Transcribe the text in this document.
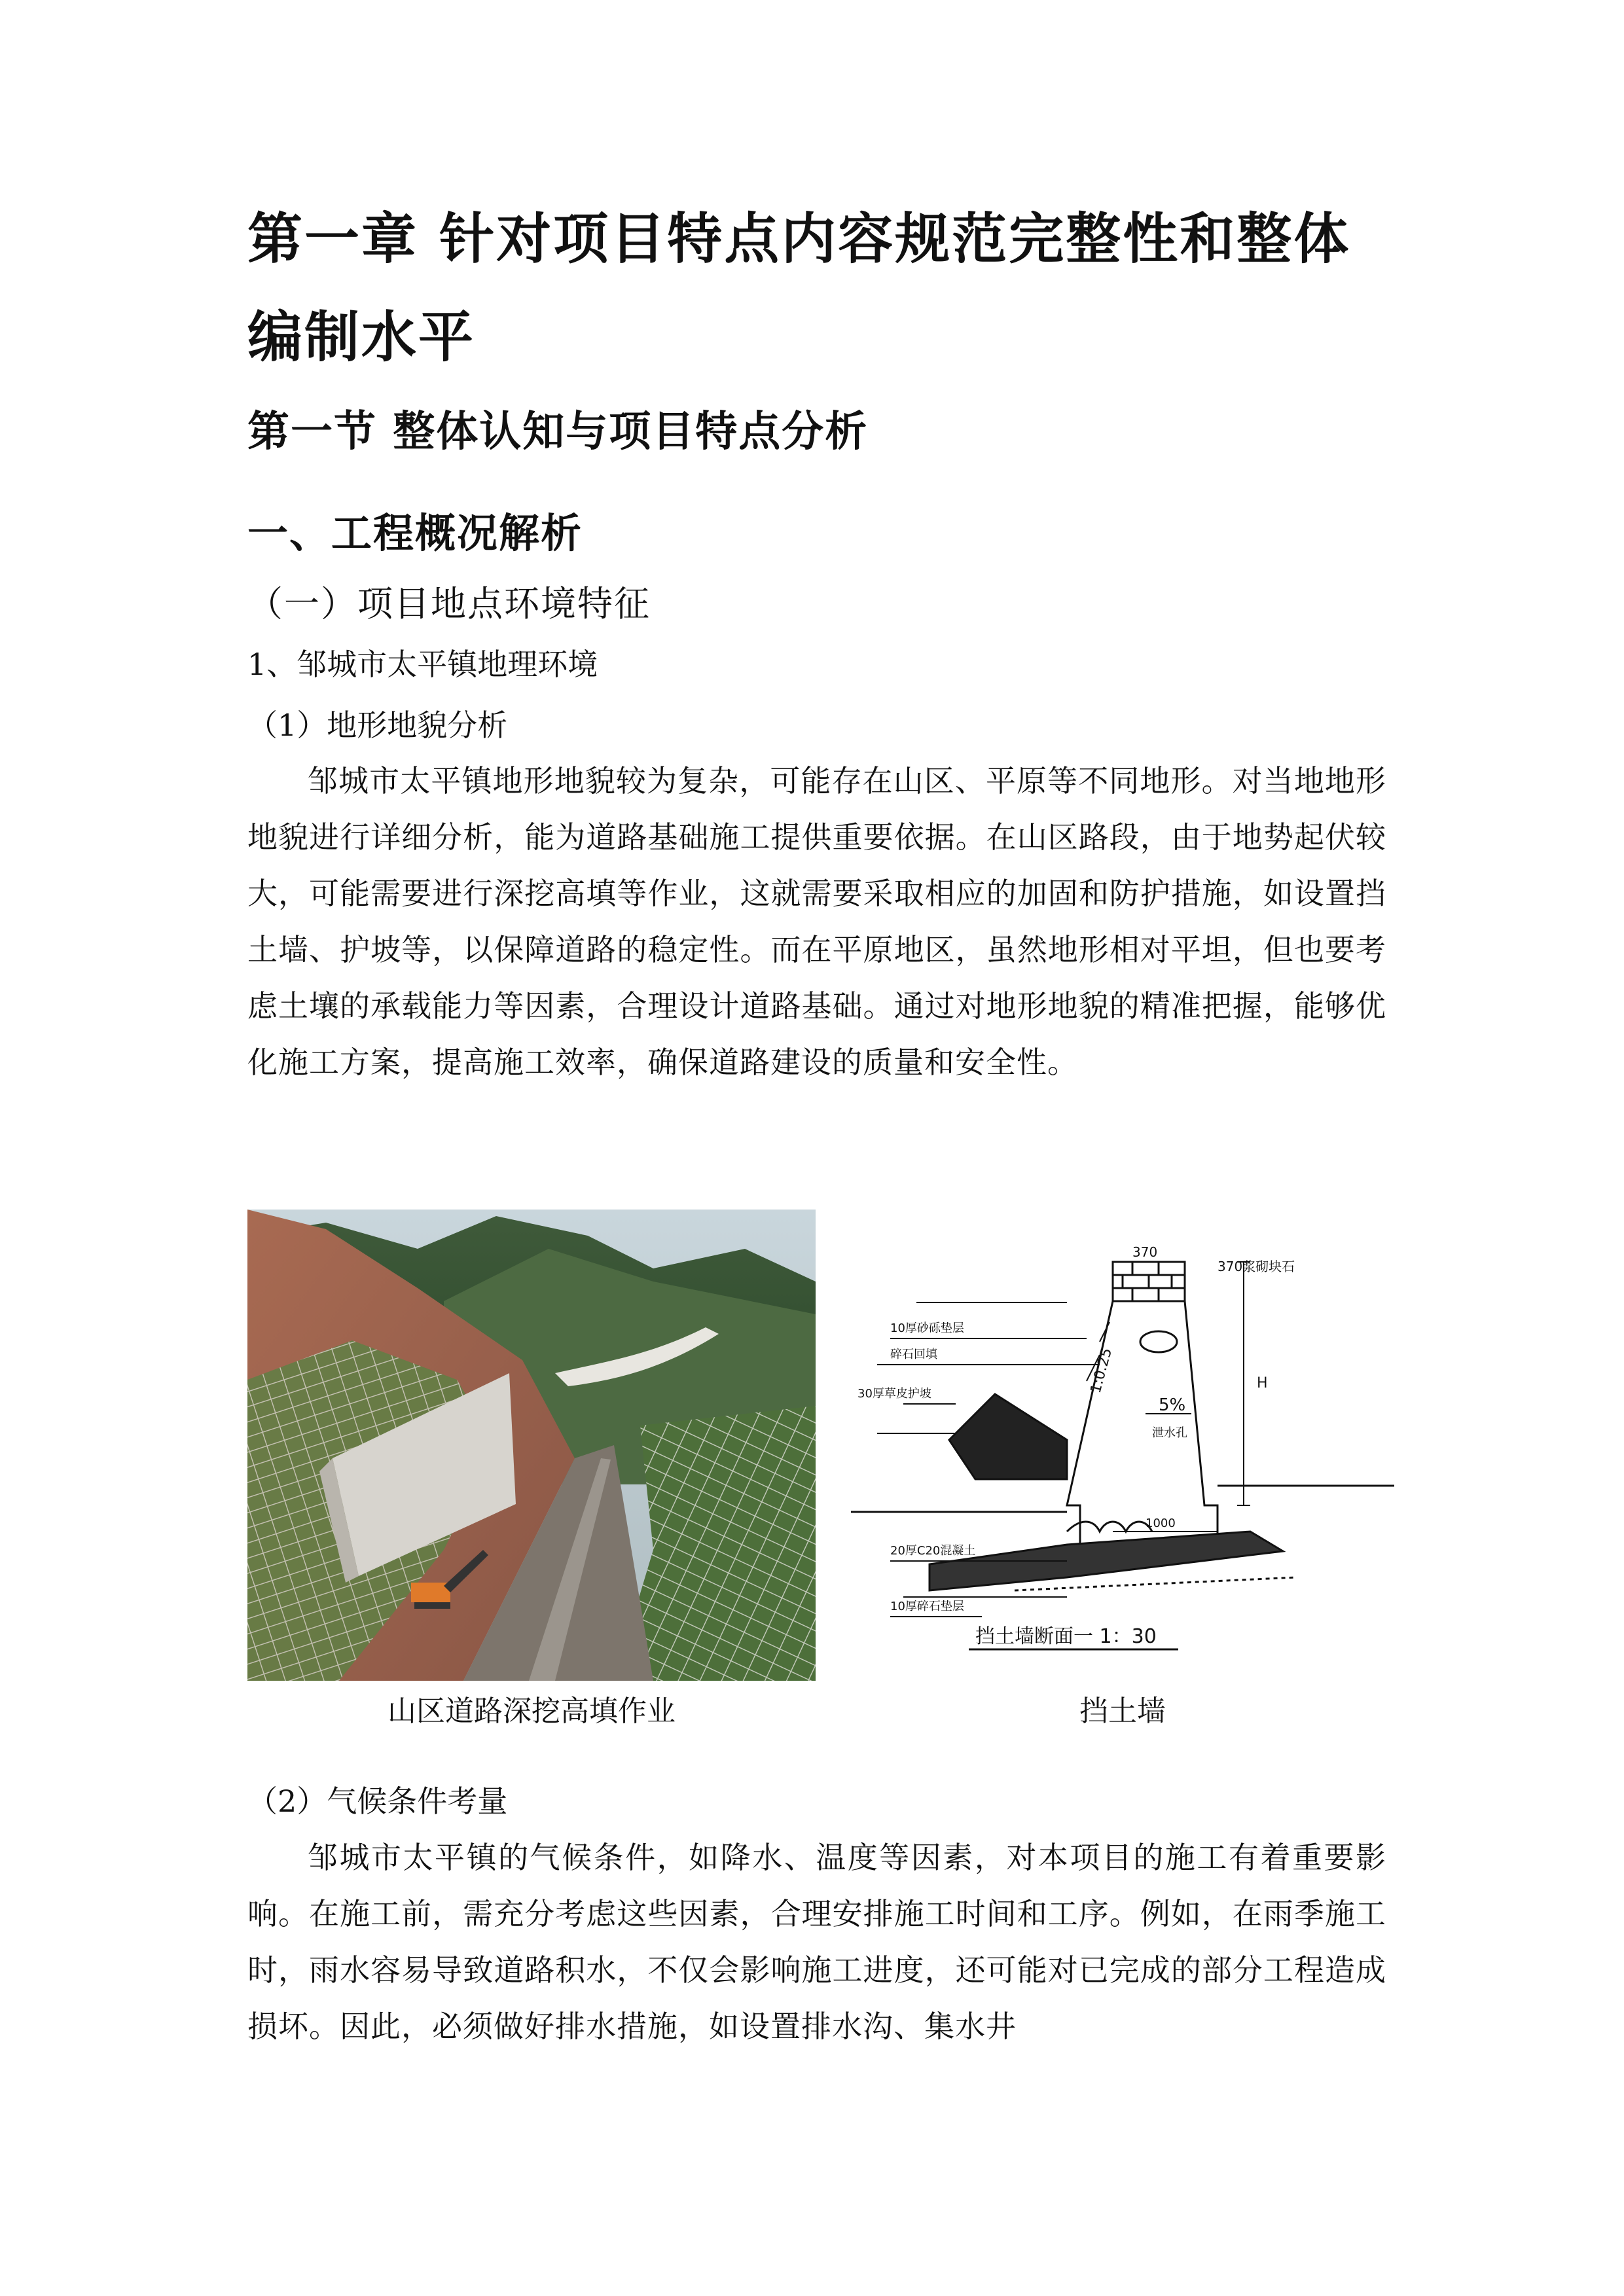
第一章 针对项目特点内容规范完整性和整体编制水平
第一节 整体认知与项目特点分析
一、工程概况解析
（一）项目地点环境特征
1、邹城市太平镇地理环境
（1）地形地貌分析
邹城市太平镇地形地貌较为复杂，可能存在山区、平原等不同地形。对当地地形地貌进行详细分析，能为道路基础施工提供重要依据。在山区路段，由于地势起伏较大，可能需要进行深挖高填等作业，这就需要采取相应的加固和防护措施，如设置挡土墙、护坡等，以保障道路的稳定性。而在平原地区，虽然地形相对平坦，但也要考虑土壤的承载能力等因素，合理设计道路基础。通过对地形地貌的精准把握，能够优化施工方案，提高施工效率，确保道路建设的质量和安全性。
370
370浆砌块石
10厚砂砾垫层
碎石回填
30厚草皮护坡	1:0.25
5%
泄水孔
H
1000
20厚C20混凝土
10厚碎石垫层
挡土墙断面一 1：30
山区道路深挖高填作业	挡土墙
（2）气候条件考量
邹城市太平镇的气候条件，如降水、温度等因素，对本项目的施工有着重要影响。在施工前，需充分考虑这些因素，合理安排施工时间和工序。例如，在雨季施工时，雨水容易导致道路积水，不仅会影响施工进度，还可能对已完成的部分工程造成损坏。因此，必须做好排水措施，如设置排水沟、集水井
